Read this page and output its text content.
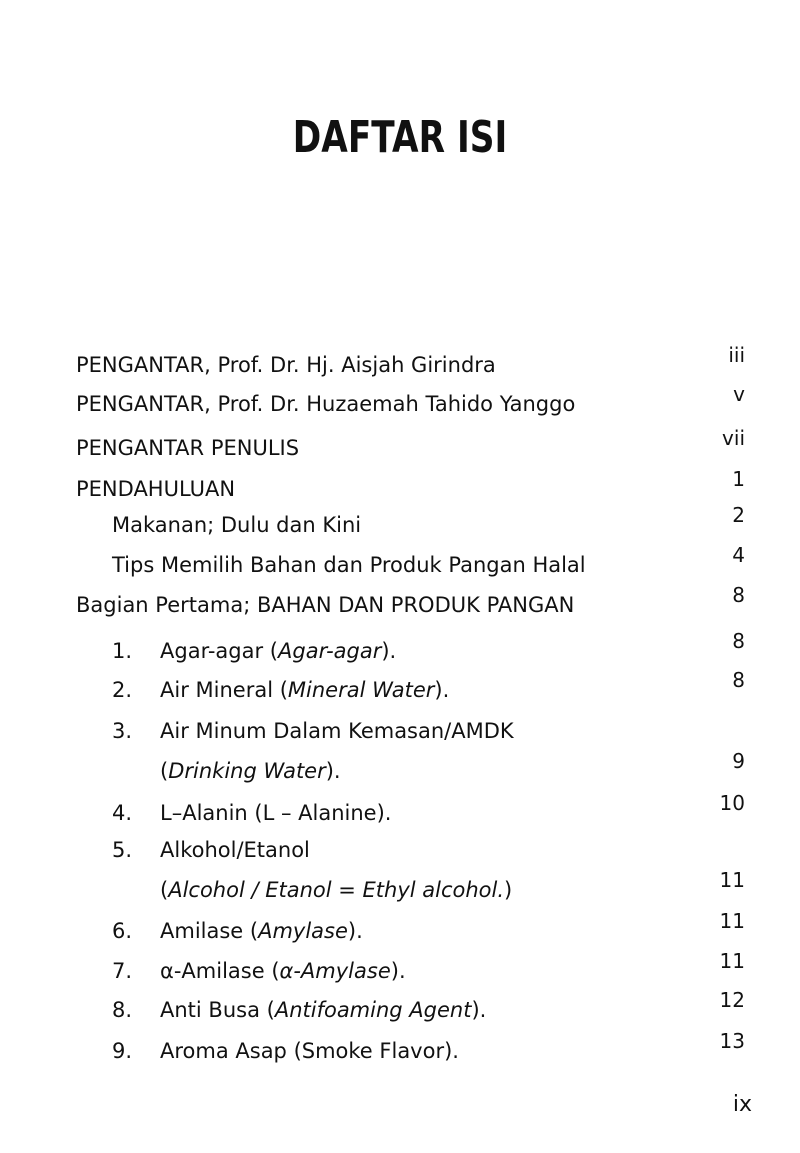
DAFTAR ISI
PENGANTAR, Prof. Dr. Hj. Aisjah Girindra	iii
PENGANTAR, Prof. Dr. Huzaemah Tahido Yanggo	v
PENGANTAR PENULIS	vii
PENDAHULUAN	1
Makanan; Dulu dan Kini	2
Tips Memilih Bahan dan Produk Pangan Halal	4
Bagian Pertama; BAHAN DAN PRODUK PANGAN	8
1. Agar-agar (Agar-agar).	8
2. Air Mineral (Mineral Water).	8
3. Air Minum Dalam Kemasan/AMDK
(Drinking Water).	9
4. L–Alanin (L – Alanine).	10
5. Alkohol/Etanol
(Alcohol / Etanol = Ethyl alcohol.)	11
6. Amilase (Amylase).	11
7. α-Amilase (α-Amylase).	11
8. Anti Busa (Antifoaming Agent).	12
9. Aroma Asap (Smoke Flavor).	13
ix
